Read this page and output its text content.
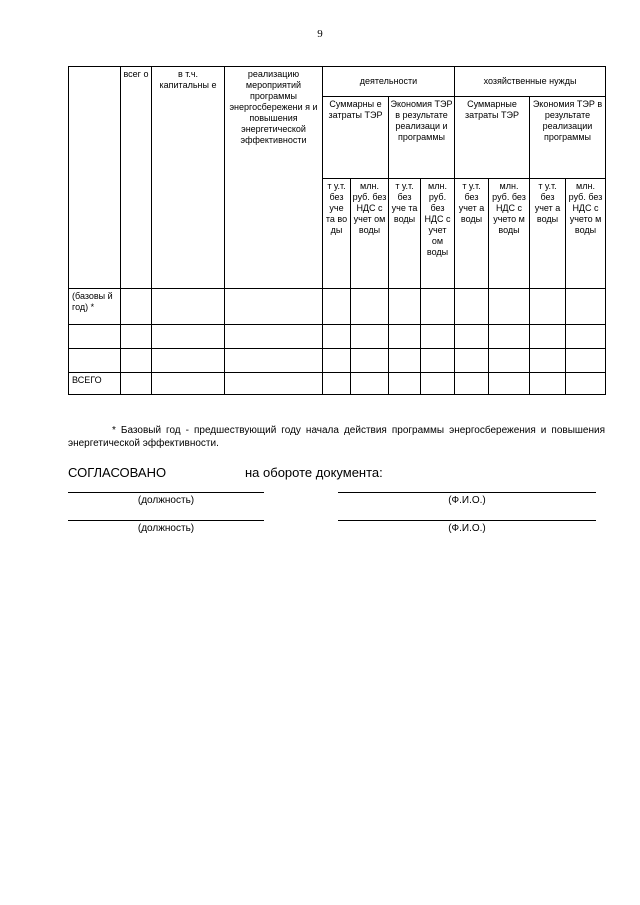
9
	всег о	в т.ч. капитальны е	реализацию мероприятий программы энергосбережени я и повышения энергетической эффективности	деятельности				хозяйственные нужды			
				Суммарны е затраты ТЭР		Экономия ТЭР в результате реализаци и программы		Суммарные затраты ТЭР		Экономия ТЭР в результате реализации программы	
				т у.т. без уче та во ды	млн. руб. без НДС с учет ом воды	т у.т. без уче та воды	млн. руб. без НДС с учет ом воды	т у.т. без учет а воды	млн. руб. без НДС с учето м воды	т у.т. без учет а воды	млн. руб. без НДС с учето м воды
(базовы й год) *											

ВСЕГО											
* Базовый год - предшествующий году начала действия программы энергосбережения и повышения энергетической эффективности.
СОГЛАСОВАНО	на обороте документа:
(должность)	(Ф.И.О.)
(должность)	(Ф.И.О.)
